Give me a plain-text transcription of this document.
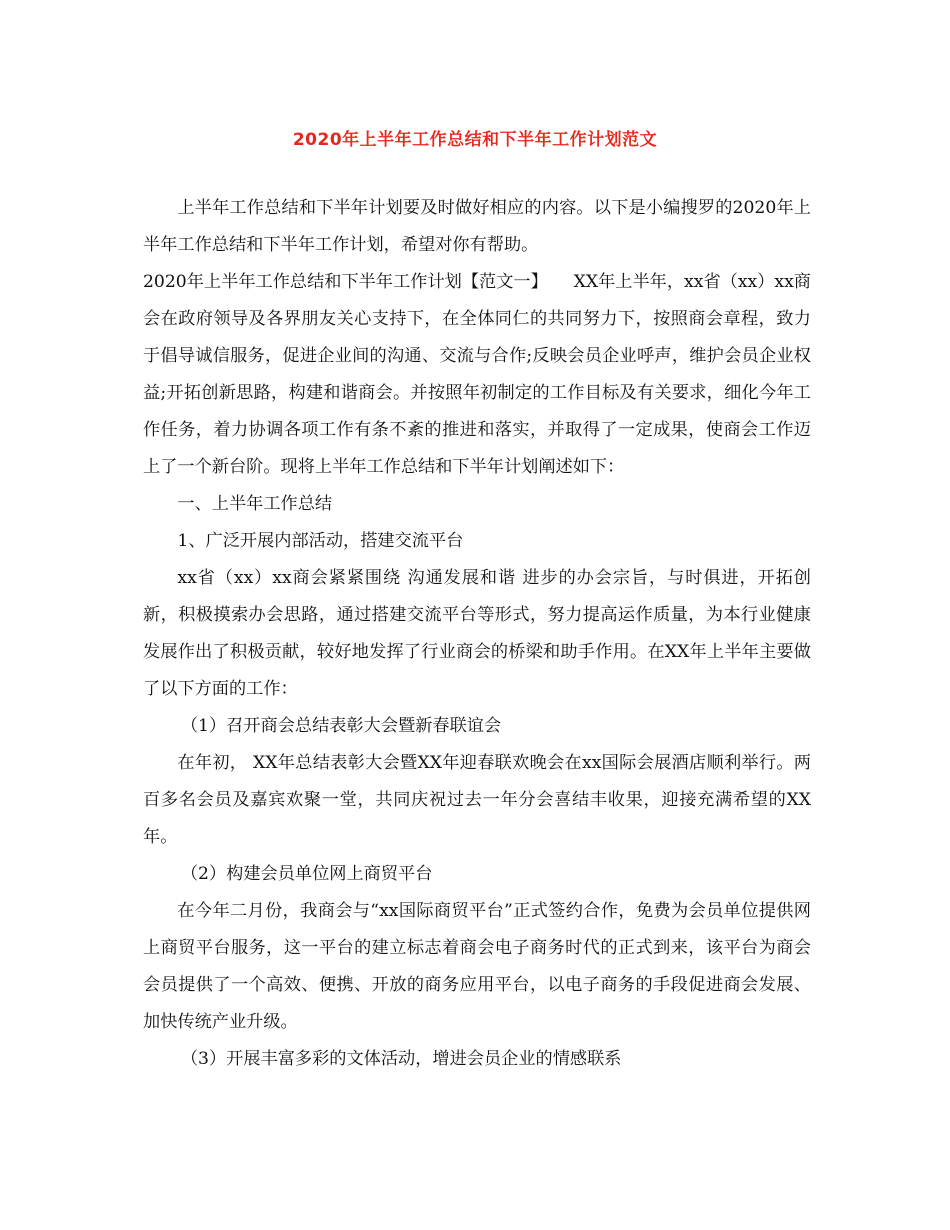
2020年上半年工作总结和下半年工作计划范文

上半年工作总结和下半年计划要及时做好相应的内容。以下是小编搜罗的2020年上半年工作总结和下半年工作计划，希望对你有帮助。

2020年上半年工作总结和下半年工作计划【范文一】　　XX年上半年，xx省（xx）xx商会在政府领导及各界朋友关心支持下，在全体同仁的共同努力下，按照商会章程，致力于倡导诚信服务，促进企业间的沟通、交流与合作;反映会员企业呼声，维护会员企业权益;开拓创新思路，构建和谐商会。并按照年初制定的工作目标及有关要求，细化今年工作任务，着力协调各项工作有条不紊的推进和落实，并取得了一定成果，使商会工作迈上了一个新台阶。现将上半年工作总结和下半年计划阐述如下：

一、上半年工作总结

1、广泛开展内部活动，搭建交流平台

xx省（xx）xx商会紧紧围绕 沟通发展和谐 进步的办会宗旨，与时俱进，开拓创新，积极摸索办会思路，通过搭建交流平台等形式，努力提高运作质量，为本行业健康发展作出了积极贡献，较好地发挥了行业商会的桥梁和助手作用。在XX年上半年主要做了以下方面的工作：

（1）召开商会总结表彰大会暨新春联谊会

在年初， XX年总结表彰大会暨XX年迎春联欢晚会在xx国际会展酒店顺利举行。两百多名会员及嘉宾欢聚一堂，共同庆祝过去一年分会喜结丰收果，迎接充满希望的XX年。

（2）构建会员单位网上商贸平台

在今年二月份，我商会与“xx国际商贸平台”正式签约合作，免费为会员单位提供网上商贸平台服务，这一平台的建立标志着商会电子商务时代的正式到来，该平台为商会会员提供了一个高效、便携、开放的商务应用平台，以电子商务的手段促进商会发展、加快传统产业升级。

（3）开展丰富多彩的文体活动，增进会员企业的情感联系
